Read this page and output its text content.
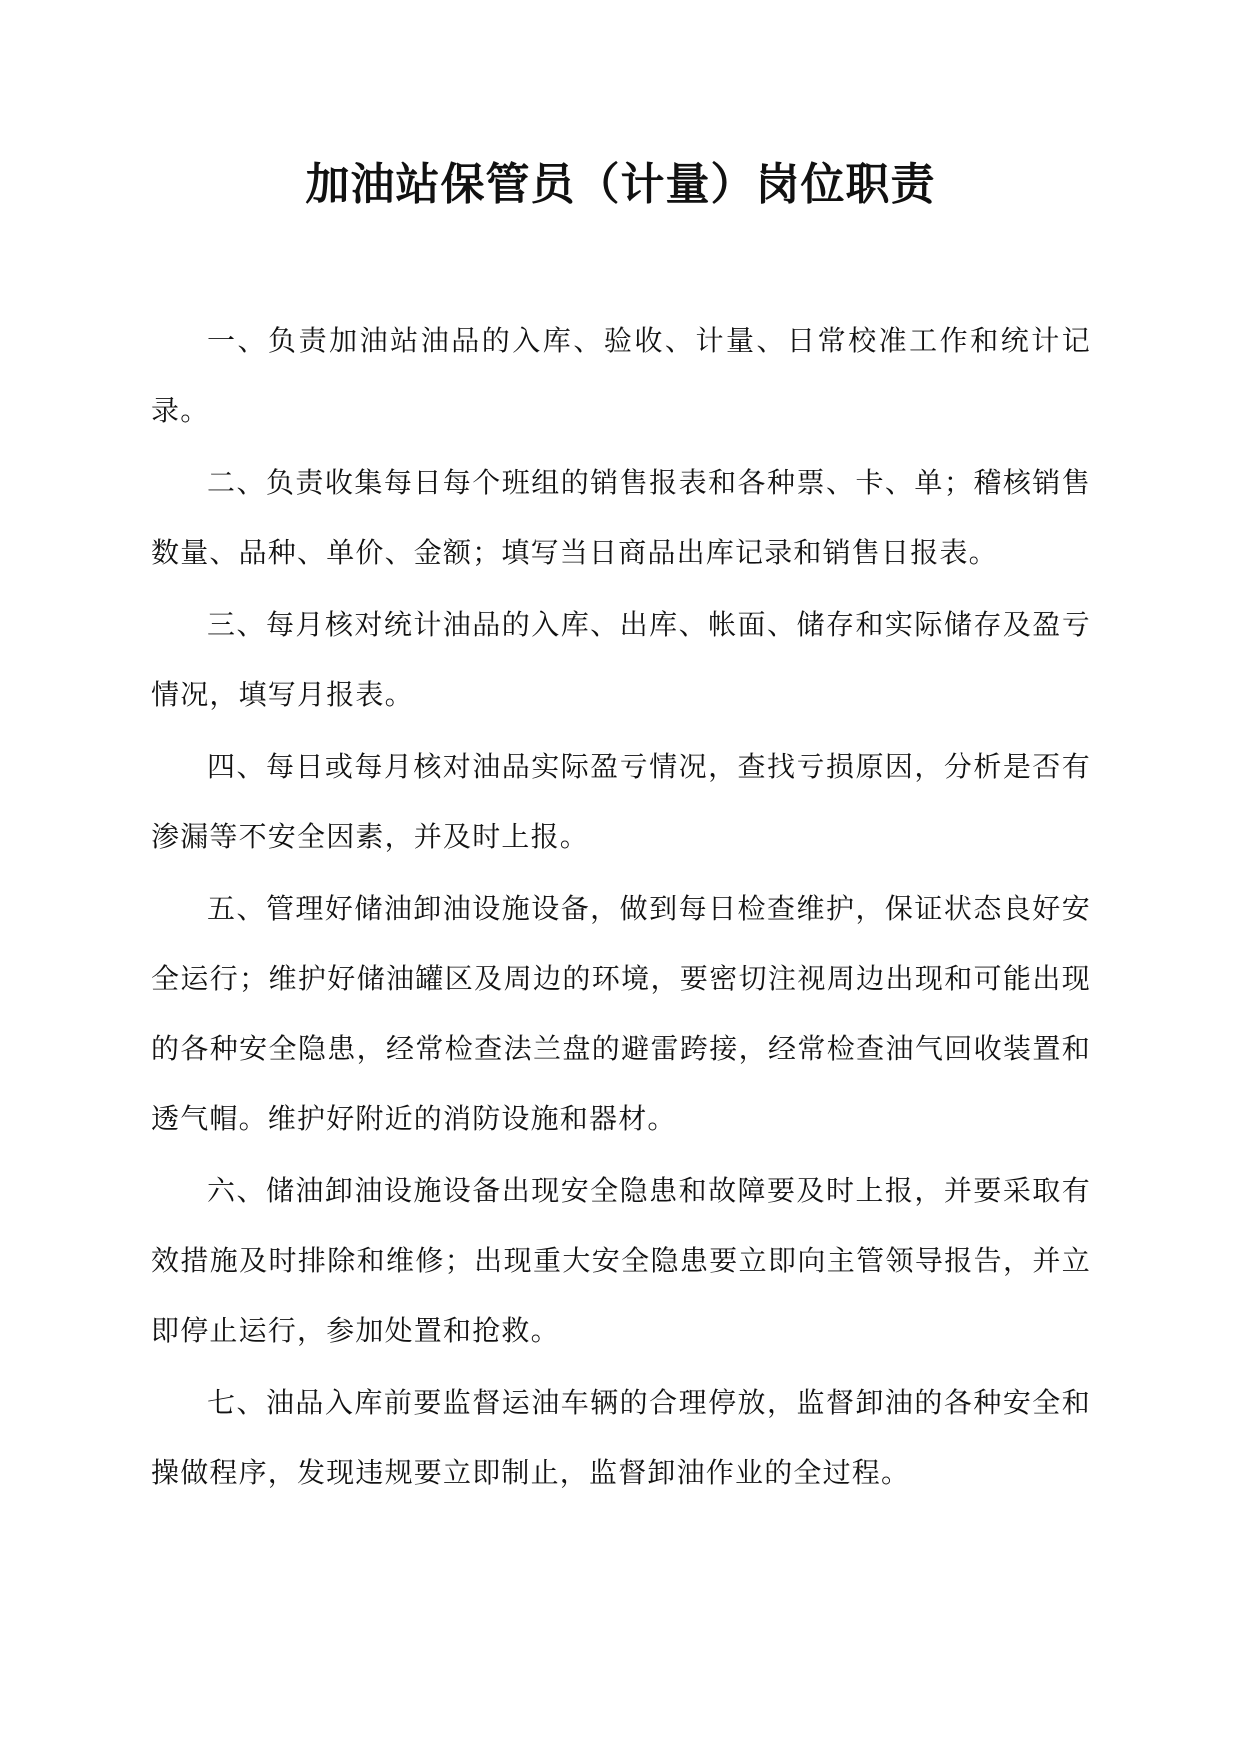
加油站保管员（计量）岗位职责

一、负责加油站油品的入库、验收、计量、日常校准工作和统计记录。

二、负责收集每日每个班组的销售报表和各种票、卡、单；稽核销售数量、品种、单价、金额；填写当日商品出库记录和销售日报表。

三、每月核对统计油品的入库、出库、帐面、储存和实际储存及盈亏情况，填写月报表。

四、每日或每月核对油品实际盈亏情况，查找亏损原因，分析是否有渗漏等不安全因素，并及时上报。

五、管理好储油卸油设施设备，做到每日检查维护，保证状态良好安全运行；维护好储油罐区及周边的环境，要密切注视周边出现和可能出现的各种安全隐患，经常检查法兰盘的避雷跨接，经常检查油气回收装置和透气帽。维护好附近的消防设施和器材。

六、储油卸油设施设备出现安全隐患和故障要及时上报，并要采取有效措施及时排除和维修；出现重大安全隐患要立即向主管领导报告，并立即停止运行，参加处置和抢救。

七、油品入库前要监督运油车辆的合理停放，监督卸油的各种安全和操做程序，发现违规要立即制止，监督卸油作业的全过程。
